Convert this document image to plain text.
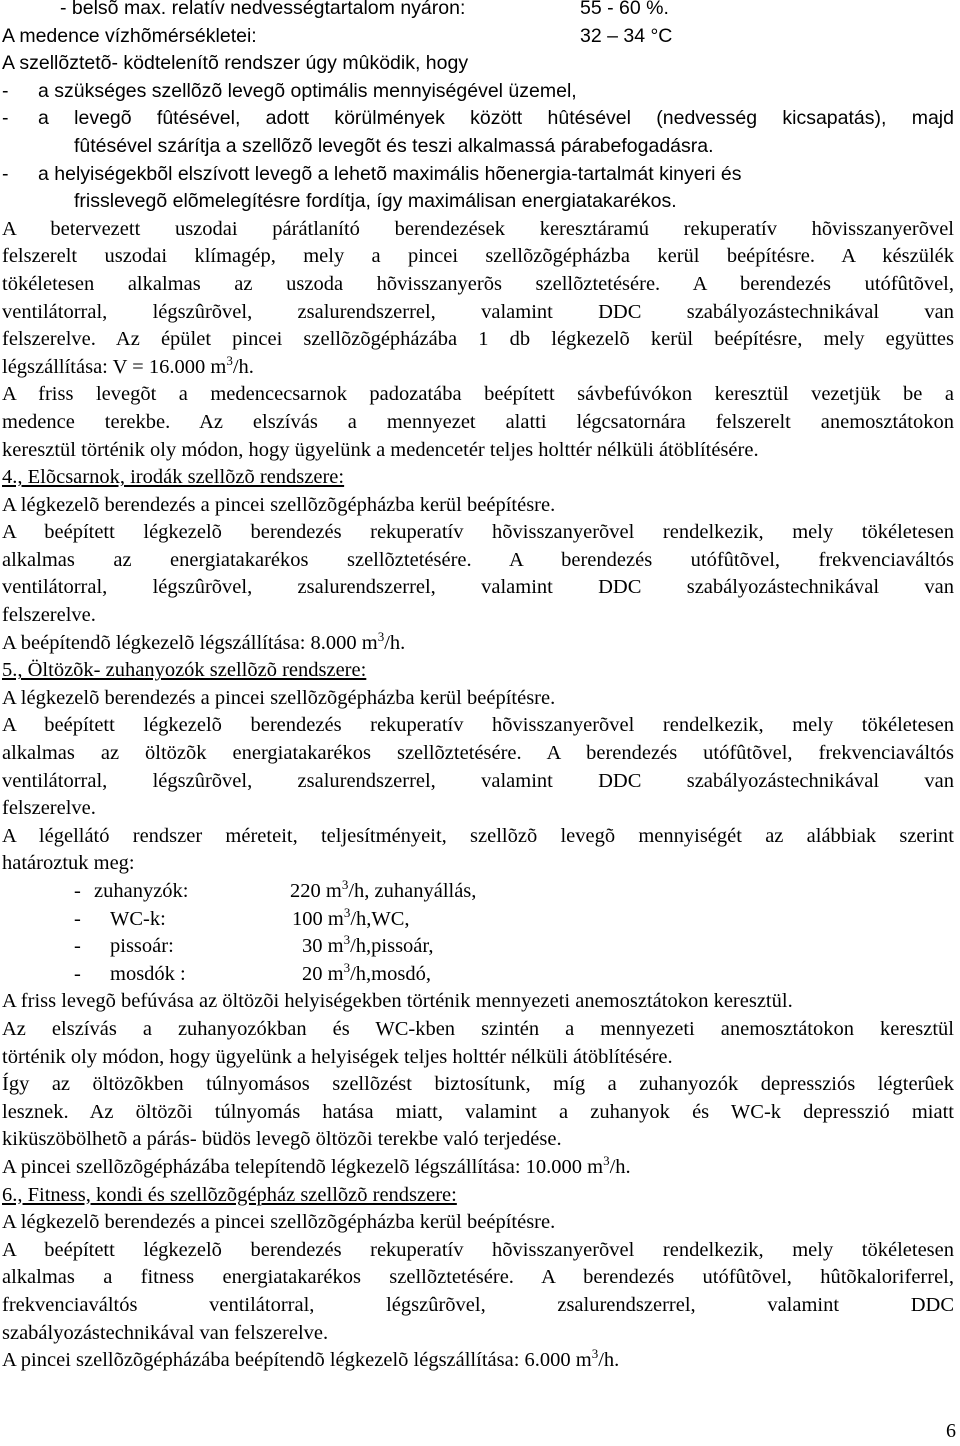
- belsõ max. relatív nedvességtartalom nyáron:	55 - 60 %.
A medence vízhõmérsékletei:	32 – 34 °C
A szellõztetõ- ködtelenítõ rendszer úgy mûködik, hogy
- a szükséges szellõzõ levegõ optimális mennyiségével üzemel,
- a levegõ fûtésével, adott körülmények között hûtésével (nedvesség kicsapatás), majd
fûtésével szárítja a szellõzõ levegõt és teszi alkalmassá párabefogadásra.
- a helyiségekbõl elszívott levegõ a lehetõ maximális hõenergia-tartalmát kinyeri és
frisslevegõ elõmelegítésre fordítja, így maximálisan energiatakarékos.
A betervezett uszodai párátlanító berendezések keresztáramú rekuperatív hõvisszanyerõvel
felszerelt uszodai klímagép, mely a pincei szellõzõgépházba kerül beépítésre. A készülék
tökéletesen alkalmas az uszoda hõvisszanyerõs szellõztetésére. A berendezés utófûtõvel,
ventilátorral, légszûrõvel, zsalurendszerrel, valamint DDC szabályozástechnikával van
felszerelve. Az épület pincei szellõzõgépházába 1 db légkezelõ kerül beépítésre, mely együttes
légszállítása: V = 16.000 $m^3/h$.
A friss levegõt a medencecsarnok padozatába beépített sávbefúvókon keresztül vezetjük be a
medence terekbe. Az elszívás a mennyezet alatti légcsatornára felszerelt anemosztátokon
keresztül történik oly módon, hogy ügyelünk a medencetér teljes holttér nélküli átöblítésére.
4., Elõcsarnok, irodák szellõzõ rendszere:
A légkezelõ berendezés a pincei szellõzõgépházba kerül beépítésre.
A beépített légkezelõ berendezés rekuperatív hõvisszanyerõvel rendelkezik, mely tökéletesen
alkalmas az energiatakarékos szellõztetésére. A berendezés utófûtõvel, frekvenciaváltós
ventilátorral, légszûrõvel, zsalurendszerrel, valamint DDC szabályozástechnikával van
felszerelve.
A beépítendõ légkezelõ légszállítása: 8.000 $m^3/h$.
5., Öltözõk- zuhanyozók szellõzõ rendszere:
A légkezelõ berendezés a pincei szellõzõgépházba kerül beépítésre.
A beépített légkezelõ berendezés rekuperatív hõvisszanyerõvel rendelkezik, mely tökéletesen
alkalmas az öltözõk energiatakarékos szellõztetésére. A berendezés utófûtõvel, frekvenciaváltós
ventilátorral, légszûrõvel, zsalurendszerrel, valamint DDC szabályozástechnikával van
felszerelve.
A légellátó rendszer méreteit, teljesítményeit, szellõzõ levegõ mennyiségét az alábbiak szerint
határoztuk meg:
- zuhanyzók:	220 $m^3/h$, zuhanyállás,
- WC-k:	100 $m^3/h,WC$,
- pissoár:	30 $m^3/h,pissoár$,
- mosdók :	20 $m^3/h,mosdó$,
A friss levegõ befúvása az öltözõi helyiségekben történik mennyezeti anemosztátokon keresztül.
Az elszívás a zuhanyozókban és WC-kben szintén a mennyezeti anemosztátokon keresztül
történik oly módon, hogy ügyelünk a helyiségek teljes holttér nélküli átöblítésére.
Így az öltözõkben túlnyomásos szellõzést biztosítunk, míg a zuhanyozók depressziós légterûek
lesznek. Az öltözõi túlnyomás hatása miatt, valamint a zuhanyok és WC-k depresszió miatt
kiküszöbölhetõ a párás- büdös levegõ öltözõi terekbe való terjedése.
A pincei szellõzõgépházába telepítendõ légkezelõ légszállítása: 10.000 $m^3/h$.
6., Fitness, kondi és szellõzõgépház szellõzõ rendszere:
A légkezelõ berendezés a pincei szellõzõgépházba kerül beépítésre.
A beépített légkezelõ berendezés rekuperatív hõvisszanyerõvel rendelkezik, mely tökéletesen
alkalmas a fitness energiatakarékos szellõztetésére. A berendezés utófûtõvel, hûtõkaloriferrel,
frekvenciaváltós ventilátorral, légszûrõvel, zsalurendszerrel, valamint DDC
szabályozástechnikával van felszerelve.
A pincei szellõzõgépházába beépítendõ légkezelõ légszállítása: 6.000 $m^3/h$.
6
